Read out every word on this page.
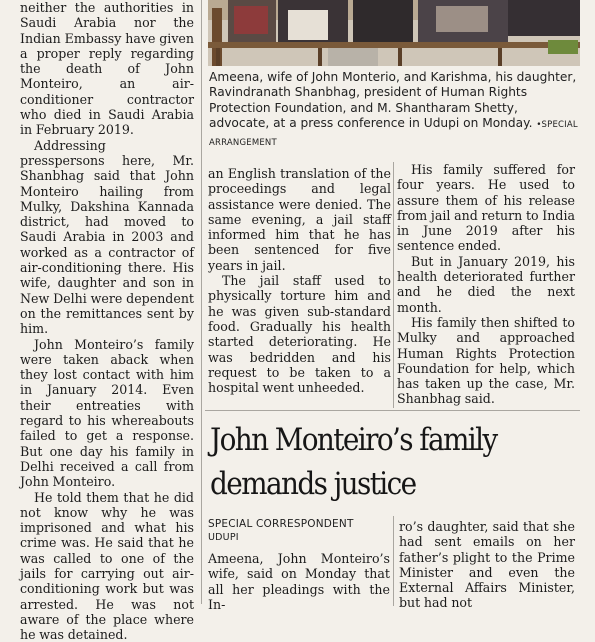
Ameena, wife of John Monterio, and Karishma, his daughter, Ravindranath Shanbhag, president of Human Rights Protection Foundation, and M. Shantharam Shetty, advocate, at a press conference in Udupi on Monday. •SPECIAL ARRANGEMENT

neither the authorities in Saudi Arabia nor the Indian Embassy have given a proper reply regarding the death of John Monteiro, an air-conditioner contractor who died in Saudi Arabia in February 2019.

Addressing presspersons here, Mr. Shanbhag said that John Monteiro hailing from Mulky, Dakshina Kannada district, had moved to Saudi Arabia in 2003 and worked as a contractor of air-conditioning there. His wife, daughter and son in New Delhi were dependent on the remittances sent by him.

John Monteiro’s family were taken aback when they lost contact with him in January 2014. Even their entreaties with regard to his whereabouts failed to get a response. But one day his family in Delhi received a call from John Monteiro.

He told them that he did not know why he was imprisoned and what his crime was. He said that he was called to one of the jails for carrying out air-conditioning work but was arrested. He was not aware of the place where he was detained.

an English translation of the proceedings and legal assistance were denied. The same evening, a jail staff informed him that he has been sentenced for five years in jail.

The jail staff used to physically torture him and he was given sub-standard food. Gradually his health started deteriorating. He was bedridden and his request to be taken to a hospital went unheeded.

His family suffered for four years. He used to assure them of his release from jail and return to India in June 2019 after his sentence ended.

But in January 2019, his health deteriorated further and he died the next month.

His family then shifted to Mulky and approached Human Rights Protection Foundation for help, which has taken up the case, Mr. Shanbhag said.

John Monteiro’s family
demands justice
SPECIAL CORRESPONDENT
UDUPI

Ameena, John Monteiro’s wife, said on Monday that all her pleadings with the In-

ro’s daughter, said that she had sent emails on her father’s plight to the Prime Minister and even the External Affairs Minister, but had not
